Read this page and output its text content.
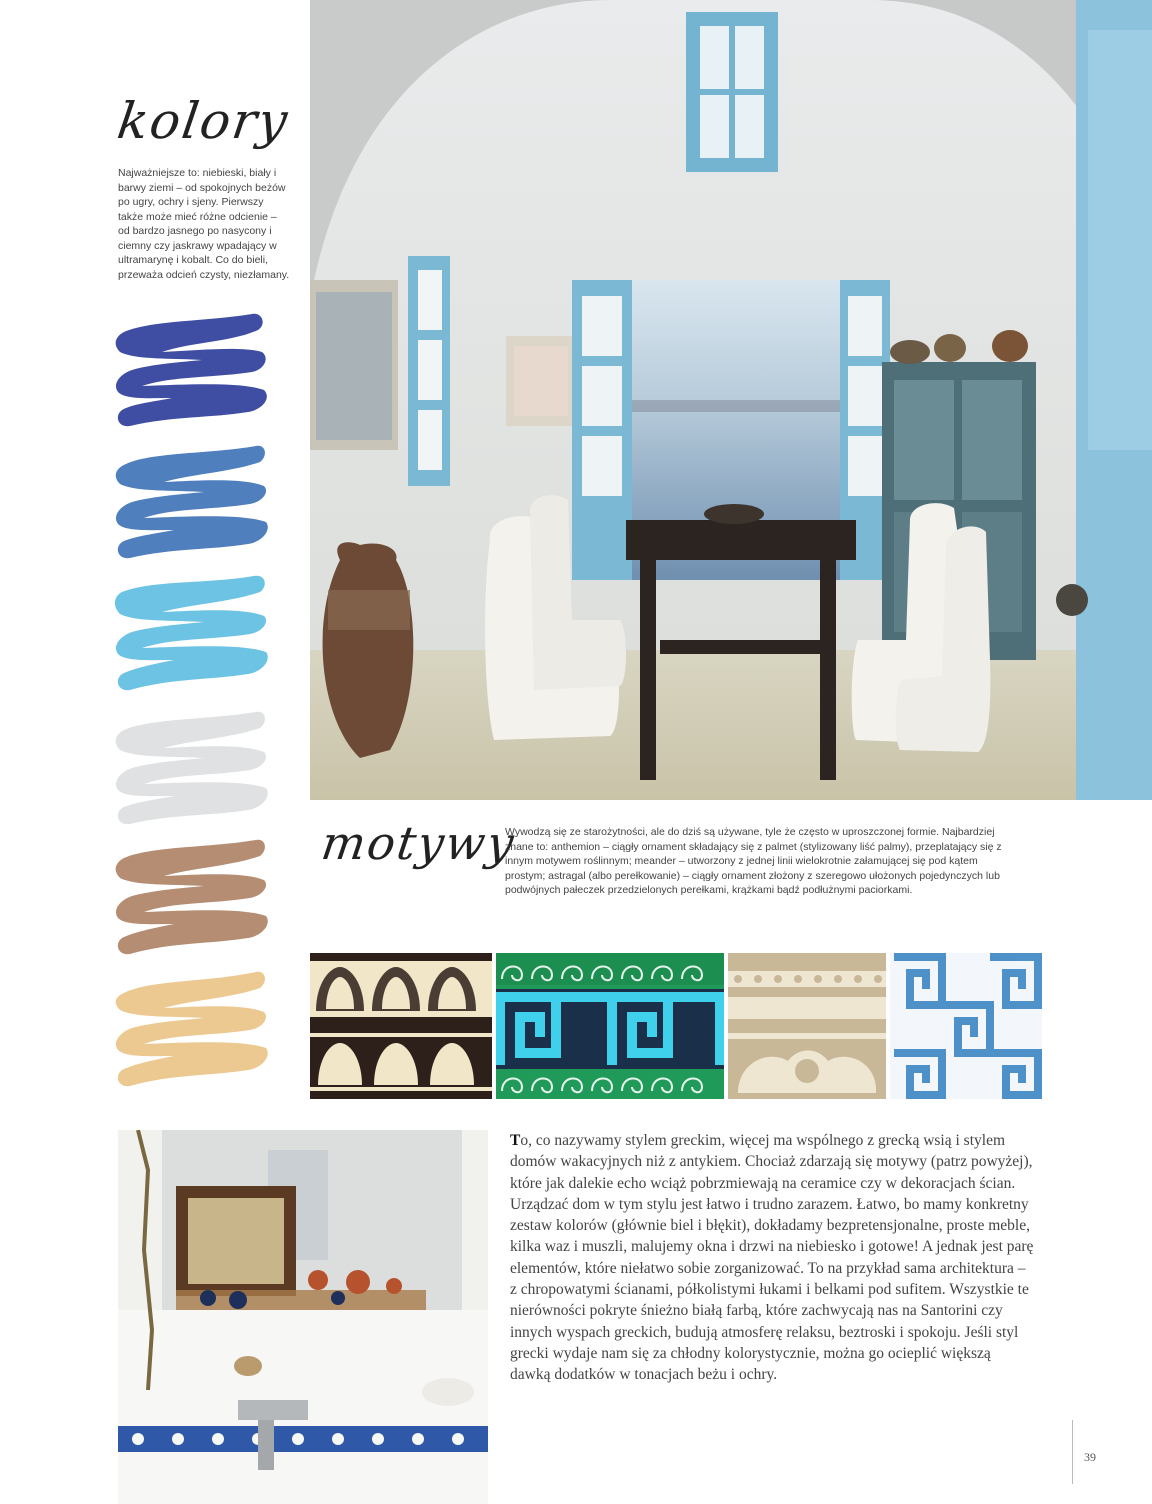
kolory
Najważniejsze to: niebieski, biały i barwy ziemi – od spokojnych beżów po ugry, ochry i sjeny. Pierwszy także może mieć różne odcienie – od bardzo jasnego po nasycony i ciemny czy jaskrawy wpadający w ultramarynę i kobalt. Co do bieli, przeważa odcień czysty, niezłamany.
motywy
Wywodzą się ze starożytności, ale do dziś są używane, tyle że często w uproszczonej formie. Najbardziej znane to: anthemion – ciągły ornament składający się z palmet (stylizowany liść palmy), przeplatający się z innym motywem roślinnym; meander – utworzony z jednej linii wielokrotnie załamującej się pod kątem prostym; astragal (albo perełkowanie) – ciągły ornament złożony z szeregowo ułożonych pojedynczych lub podwójnych pałeczek przedzielonych perełkami, krążkami bądź podłużnymi paciorkami.
To, co nazywamy stylem greckim, więcej ma wspólnego z grecką wsią i stylem domów wakacyjnych niż z antykiem. Chociaż zdarzają się motywy (patrz powyżej), które jak dalekie echo wciąż pobrzmiewają na ceramice czy w dekoracjach ścian. Urządzać dom w tym stylu jest łatwo i trudno zarazem. Łatwo, bo mamy konkretny zestaw kolorów (głównie biel i błękit), dokładamy bezpretensjonalne, proste meble, kilka waz i muszli, malujemy okna i drzwi na niebiesko i gotowe! A jednak jest parę elementów, które niełatwo sobie zorganizować. To na przykład sama architektura – z chropowatymi ścianami, półkolistymi łukami i belkami pod sufitem. Wszystkie te nierówności pokryte śnieżno białą farbą, które zachwycają nas na Santorini czy innych wyspach greckich, budują atmosferę relaksu, beztroski i spokoju. Jeśli styl grecki wydaje nam się za chłodny kolorystycznie, można go ocieplić większą dawką dodatków w tonacjach beżu i ochry.
39
